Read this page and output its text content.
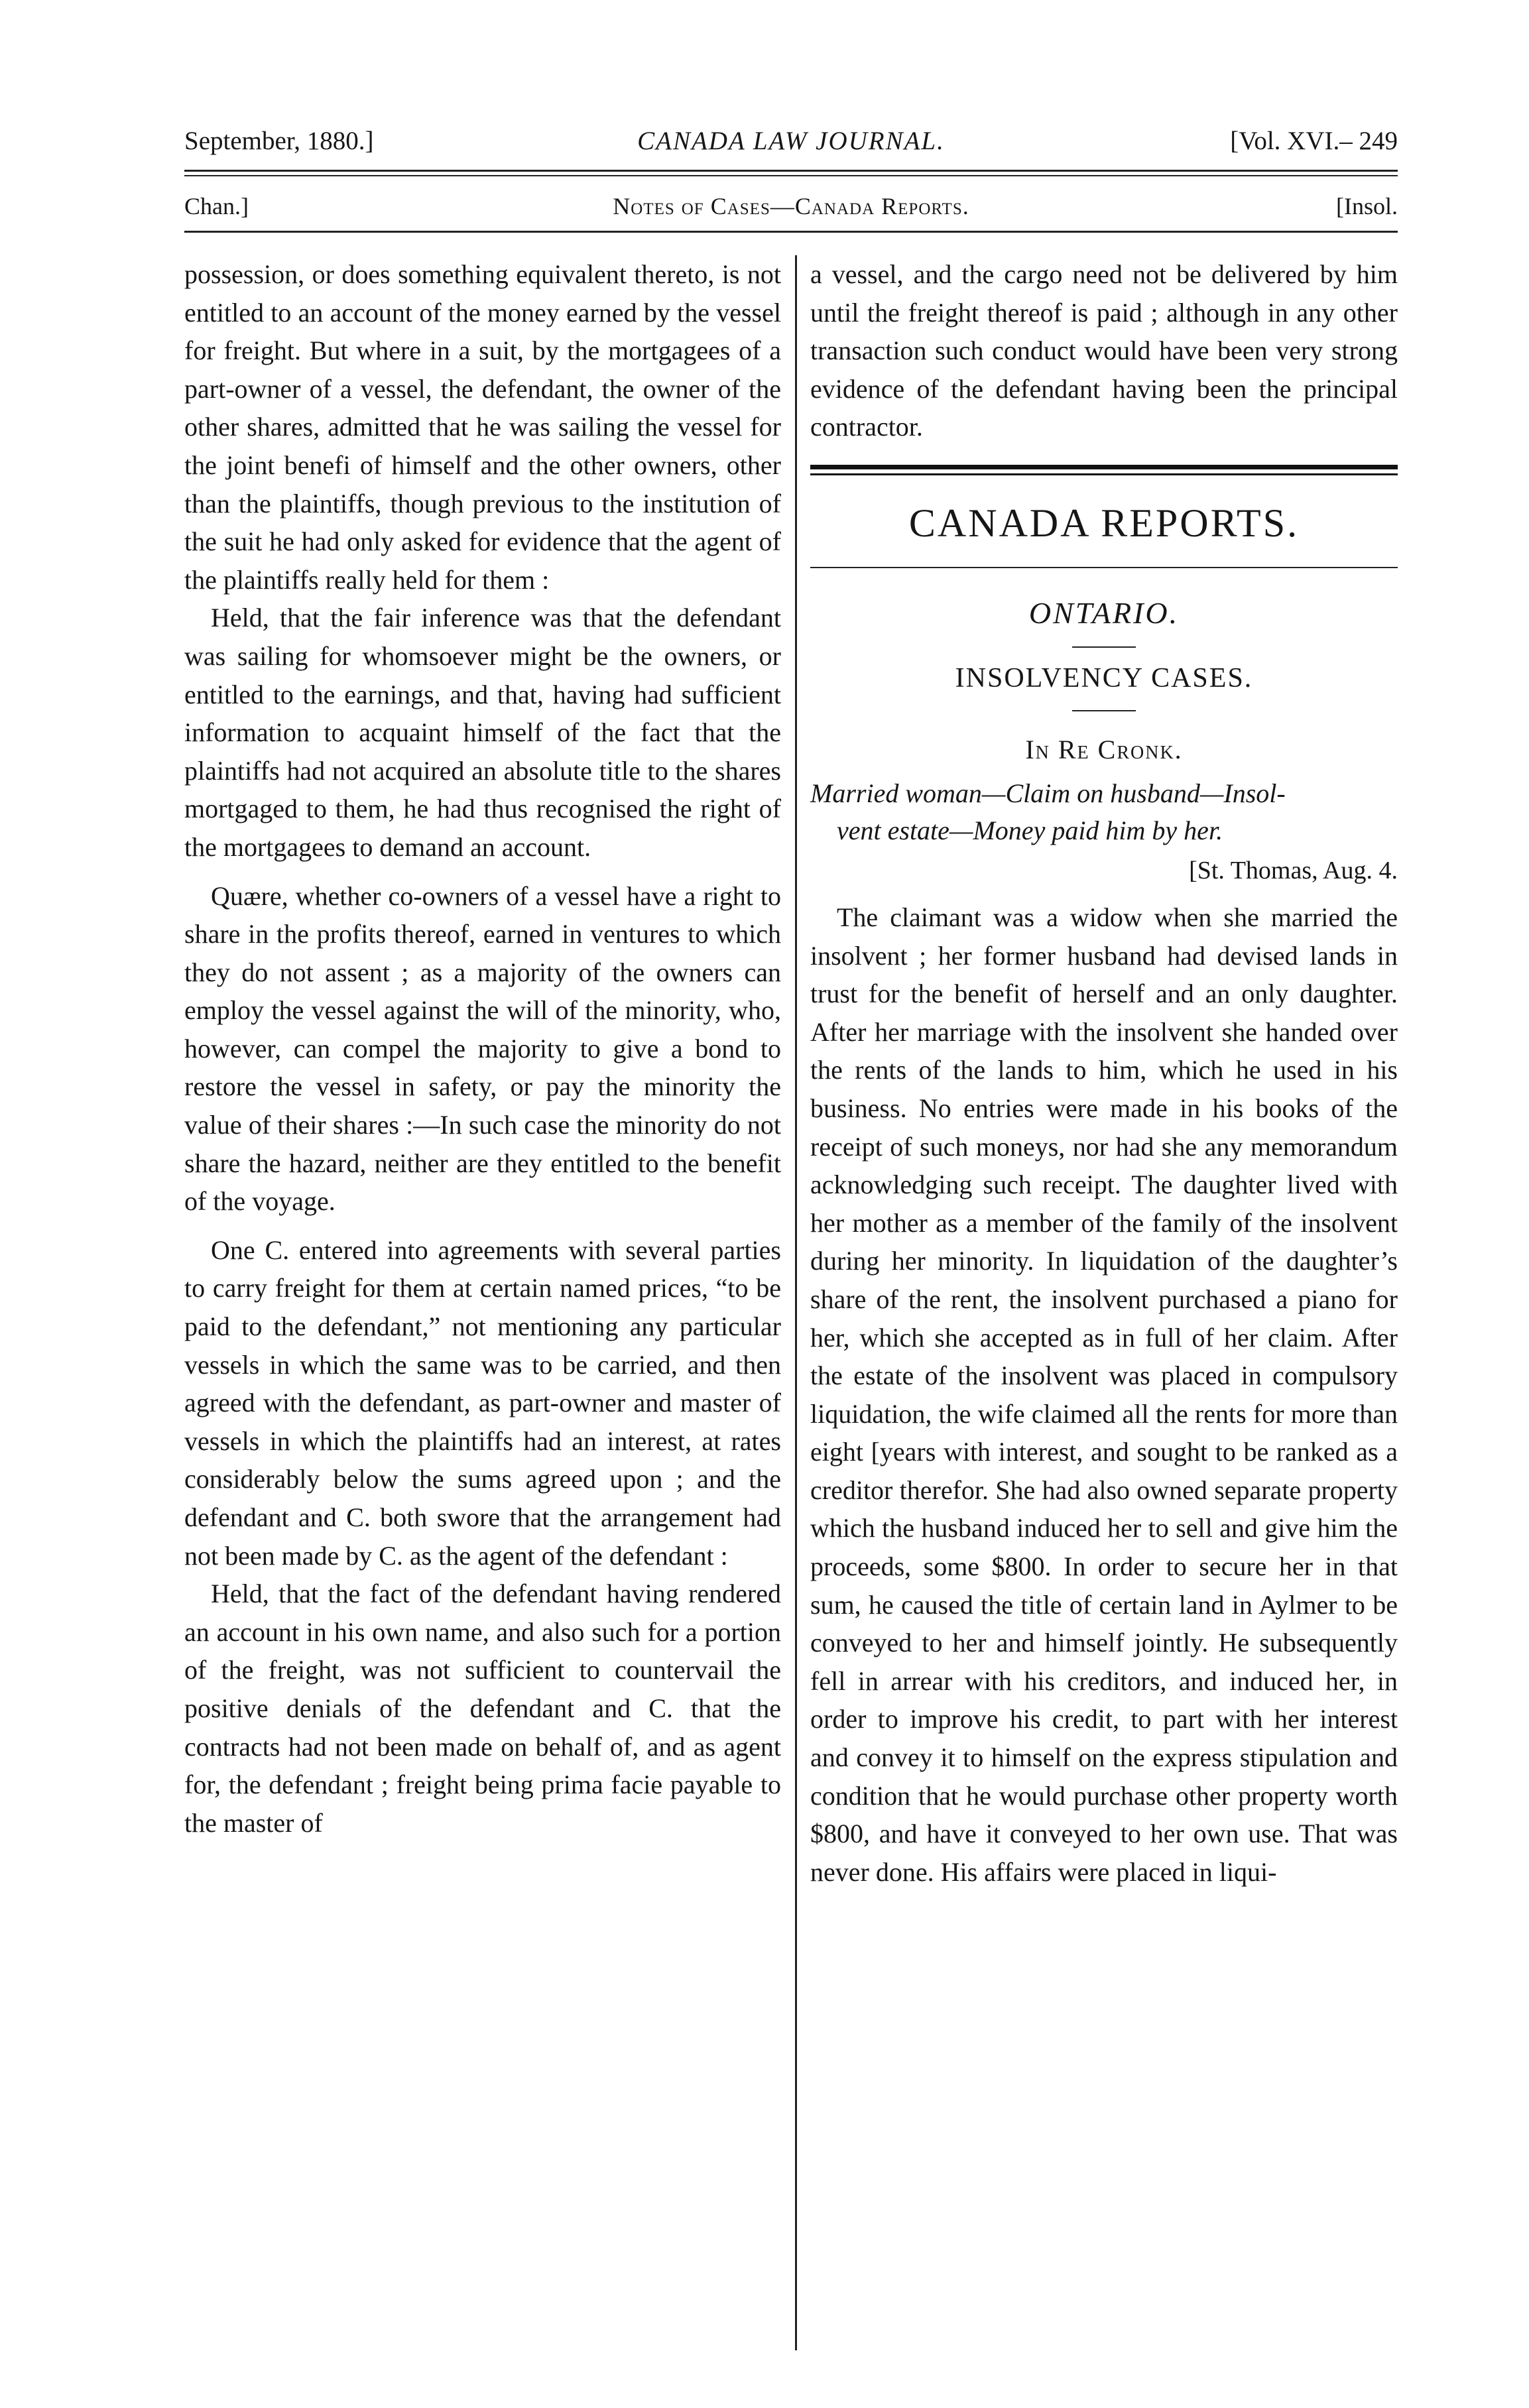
September, 1880.]	CANADA LAW JOURNAL.	[Vol. XVI.– 249
Chan.]	Notes of Cases—Canada Reports.	[Insol.

possession, or does something equivalent thereto, is not entitled to an account of the money earned by the vessel for freight. But where in a suit, by the mortgagees of a part-owner of a vessel, the defendant, the owner of the other shares, admitted that he was sailing the vessel for the joint benefi of himself and the other owners, other than the plaintiffs, though previous to the institution of the suit he had only asked for evidence that the agent of the plaintiffs really held for them :

Held, that the fair inference was that the defendant was sailing for whomsoever might be the owners, or entitled to the earnings, and that, having had sufficient information to acquaint himself of the fact that the plaintiffs had not acquired an absolute title to the shares mortgaged to them, he had thus recognised the right of the mortgagees to demand an account.

Quære, whether co-owners of a vessel have a right to share in the profits thereof, earned in ventures to which they do not assent ; as a majority of the owners can employ the vessel against the will of the minority, who, however, can compel the majority to give a bond to restore the vessel in safety, or pay the minority the value of their shares :—In such case the minority do not share the hazard, neither are they entitled to the benefit of the voyage.

One C. entered into agreements with several parties to carry freight for them at certain named prices, “to be paid to the defendant,” not mentioning any particular vessels in which the same was to be carried, and then agreed with the defendant, as part-owner and master of vessels in which the plaintiffs had an interest, at rates considerably below the sums agreed upon ; and the defendant and C. both swore that the arrangement had not been made by C. as the agent of the defendant :

Held, that the fact of the defendant having rendered an account in his own name, and also such for a portion of the freight, was not sufficient to countervail the positive denials of the defendant and C. that the contracts had not been made on behalf of, and as agent for, the defendant ; freight being prima facie payable to the master of

a vessel, and the cargo need not be delivered by him until the freight thereof is paid ; although in any other transaction such conduct would have been very strong evidence of the defendant having been the principal contractor.

CANADA REPORTS.
ONTARIO.
INSOLVENCY CASES.
In Re Cronk.
Married woman—Claim on husband—Insol-
vent estate—Money paid him by her.
[St. Thomas, Aug. 4.

The claimant was a widow when she married the insolvent ; her former husband had devised lands in trust for the benefit of herself and an only daughter. After her marriage with the insolvent she handed over the rents of the lands to him, which he used in his business. No entries were made in his books of the receipt of such moneys, nor had she any memorandum acknowledging such receipt. The daughter lived with her mother as a member of the family of the insolvent during her minority. In liquidation of the daughter’s share of the rent, the insolvent purchased a piano for her, which she accepted as in full of her claim. After the estate of the insolvent was placed in compulsory liquidation, the wife claimed all the rents for more than eight [years with interest, and sought to be ranked as a creditor therefor. She had also owned separate property which the husband induced her to sell and give him the proceeds, some $800. In order to secure her in that sum, he caused the title of certain land in Aylmer to be conveyed to her and himself jointly. He subsequently fell in arrear with his creditors, and induced her, in order to improve his credit, to part with her interest and convey it to himself on the express stipulation and condition that he would purchase other property worth $800, and have it conveyed to her own use. That was never done. His affairs were placed in liqui-
